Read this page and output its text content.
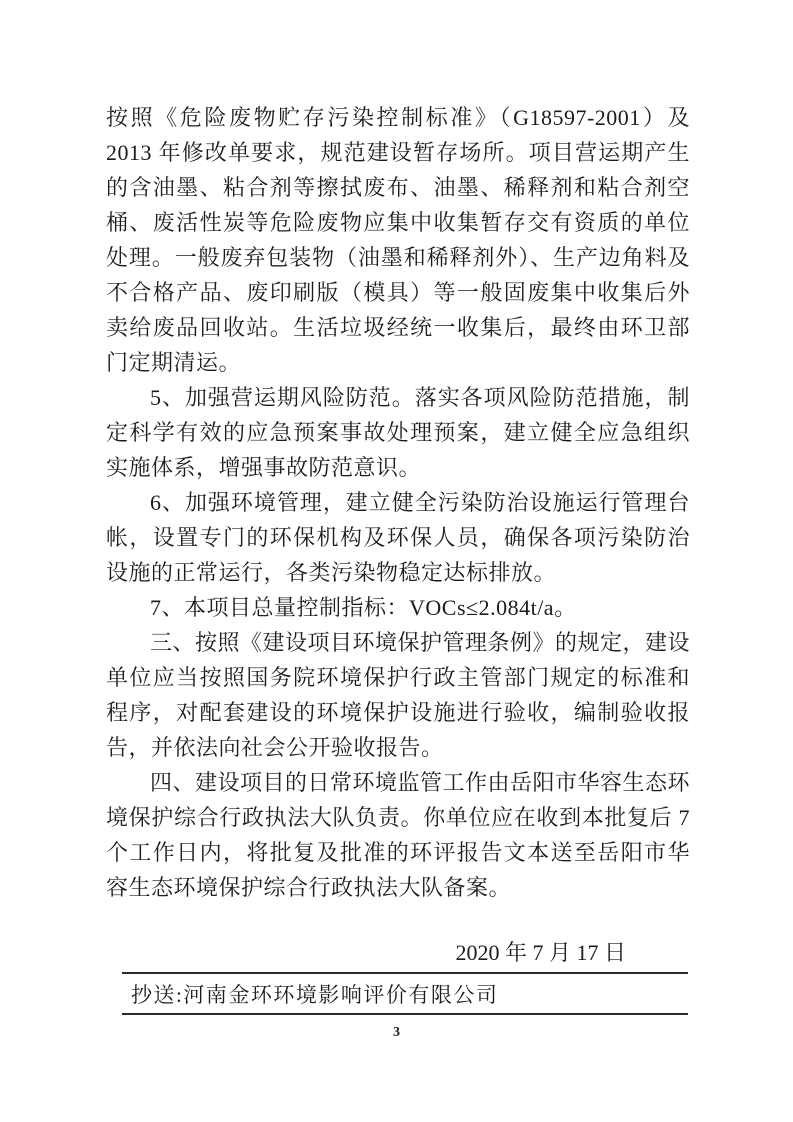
按照《危险废物贮存污染控制标准》（G18597-2001）及 2013 年修改单要求，规范建设暂存场所。项目营运期产生的含油墨、粘合剂等擦拭废布、油墨、稀释剂和粘合剂空桶、废活性炭等危险废物应集中收集暂存交有资质的单位处理。一般废弃包装物（油墨和稀释剂外）、生产边角料及不合格产品、废印刷版（模具）等一般固废集中收集后外卖给废品回收站。生活垃圾经统一收集后，最终由环卫部门定期清运。

5、加强营运期风险防范。落实各项风险防范措施，制定科学有效的应急预案事故处理预案，建立健全应急组织实施体系，增强事故防范意识。

6、加强环境管理，建立健全污染防治设施运行管理台帐，设置专门的环保机构及环保人员，确保各项污染防治设施的正常运行，各类污染物稳定达标排放。

7、本项目总量控制指标：VOCs≤2.084t/a。

三、按照《建设项目环境保护管理条例》的规定，建设单位应当按照国务院环境保护行政主管部门规定的标准和程序，对配套建设的环境保护设施进行验收，编制验收报告，并依法向社会公开验收报告。

四、建设项目的日常环境监管工作由岳阳市华容生态环境保护综合行政执法大队负责。你单位应在收到本批复后 7 个工作日内，将批复及批准的环评报告文本送至岳阳市华容生态环境保护综合行政执法大队备案。

2020 年 7 月 17 日
抄送:河南金环环境影响评价有限公司
3
